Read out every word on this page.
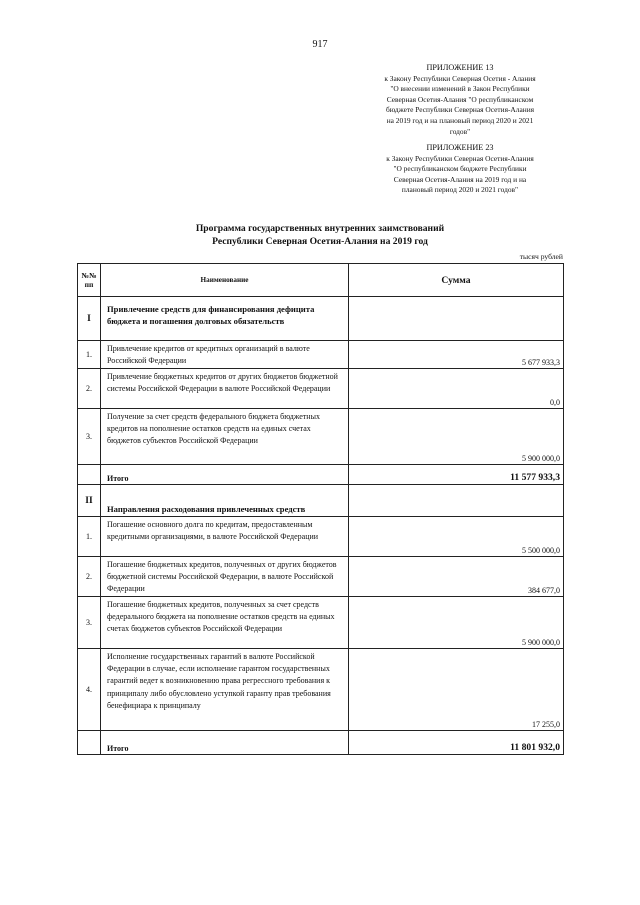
917
ПРИЛОЖЕНИЕ 13
к Закону Республики Северная Осетия - Алания
"О внесении изменений в Закон Республики
Северная Осетия-Алания "О республиканском
бюджете Республики Северная Осетия-Алания
на 2019 год и на плановый период 2020 и 2021
годов"
ПРИЛОЖЕНИЕ 23
к Закону Республики Северная Осетия-Алания
"О республиканском бюджете Республики
Северная Осетия-Алания на 2019 год и на
плановый период 2020 и 2021 годов"
Программа государственных внутренних заимствований
Республики Северная Осетия-Алания на 2019 год
тысяч рублей
№№ пп	Наименование	Сумма
I	Привлечение средств для финансирования дефицита бюджета и погашения долговых обязательств	
1.	Привлечение кредитов от кредитных организаций в валюте Российской Федерации	5 677 933,3
2.	Привлечение бюджетных кредитов от других бюджетов бюджетной системы Российской Федерации в валюте Российской Федерации	0,0
3.	Получение за счет средств федерального бюджета бюджетных кредитов на пополнение остатков средств на единых счетах бюджетов субъектов Российской Федерации	5 900 000,0
	Итого	11 577 933,3
II	Направления расходования привлеченных средств	
1.	Погашение основного долга по кредитам, предоставленным кредитными организациями, в валюте Российской Федерации	5 500 000,0
2.	Погашение бюджетных кредитов, полученных от других бюджетов бюджетной системы Российской Федерации, в валюте Российской Федерации	384 677,0
3.	Погашение бюджетных кредитов, полученных за счет средств федерального бюджета на пополнение остатков средств на единых счетах бюджетов субъектов Российской Федерации	5 900 000,0
4.	Исполнение государственных гарантий в валюте Российской Федерации в случае, если исполнение гарантом государственных гарантий ведет к возникновению права регрессного требования к принципалу либо обусловлено уступкой гаранту прав требования бенефициара к принципалу	17 255,0
	Итого	11 801 932,0
